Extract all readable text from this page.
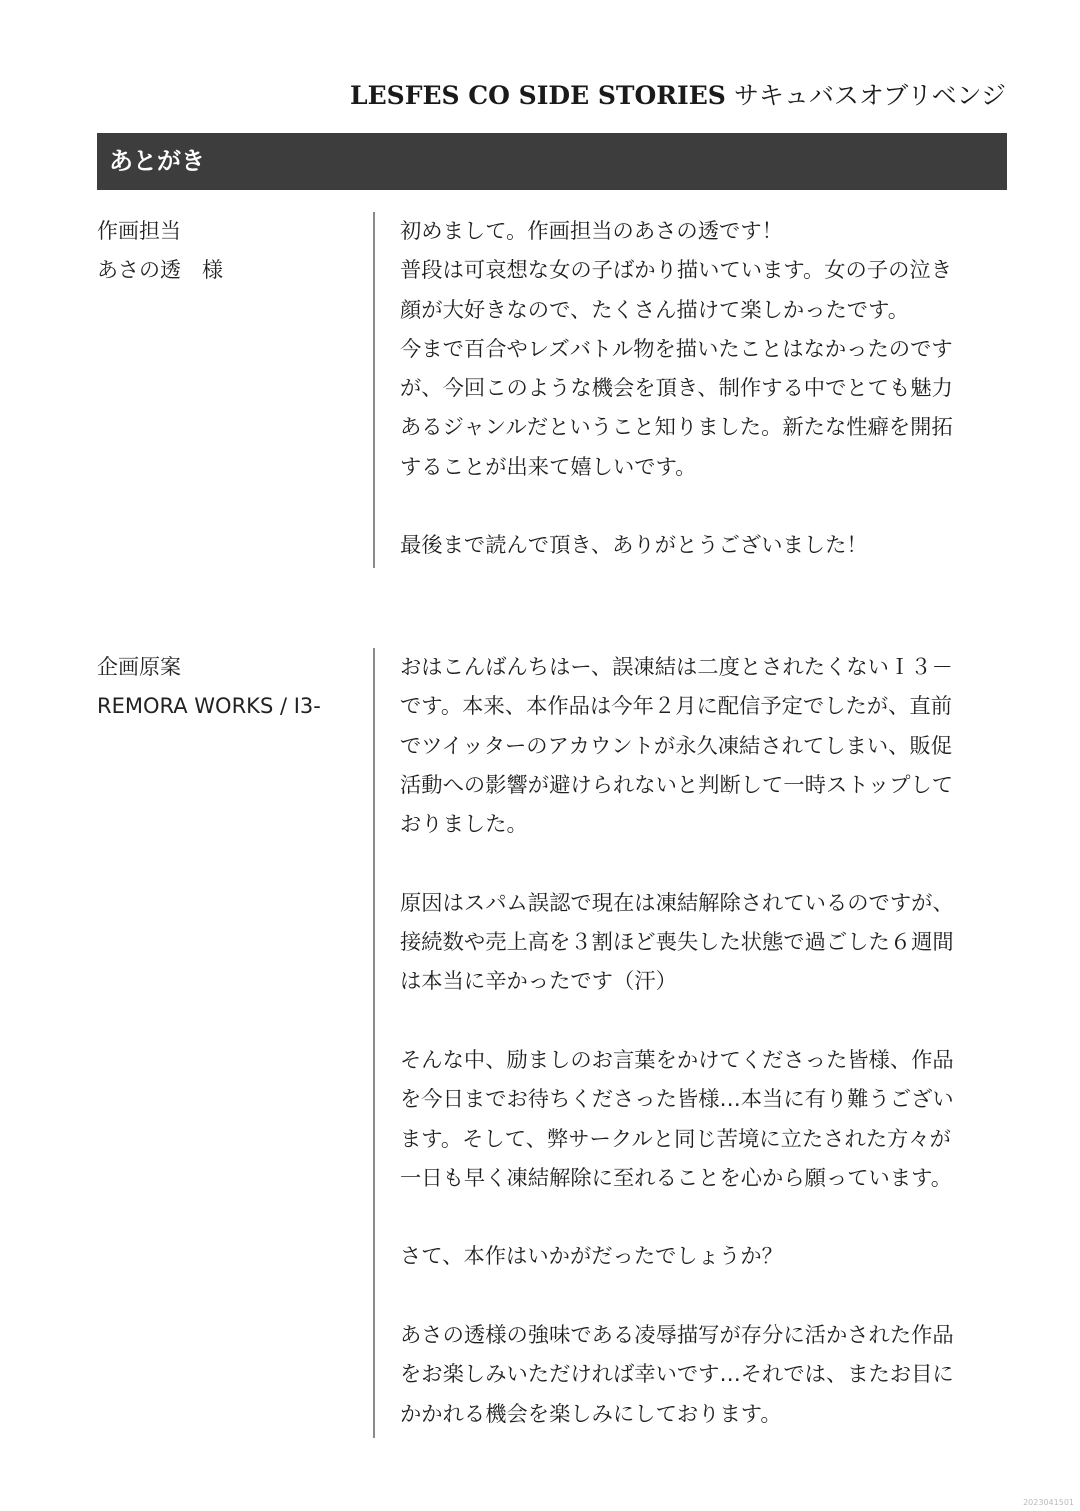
LESFES CO SIDE STORIES サキュバスオブリベンジ
あとがき
作画担当
あさの透　様

初めまして。作画担当のあさの透です！

普段は可哀想な女の子ばかり描いています。女の子の泣き

顔が大好きなので、たくさん描けて楽しかったです。

今まで百合やレズバトル物を描いたことはなかったのです

が、今回このような機会を頂き、制作する中でとても魅力

あるジャンルだということ知りました。新たな性癖を開拓

することが出来て嬉しいです。

最後まで読んで頂き、ありがとうございました！

企画原案
REMORA WORKS / I3-

おはこんばんちはー、誤凍結は二度とされたくないＩ３－

です。本来、本作品は今年２月に配信予定でしたが、直前

でツイッターのアカウントが永久凍結されてしまい、販促

活動への影響が避けられないと判断して一時ストップして

おりました。

原因はスパム誤認で現在は凍結解除されているのですが、

接続数や売上高を３割ほど喪失した状態で過ごした６週間

は本当に辛かったです（汗）

そんな中、励ましのお言葉をかけてくださった皆様、作品

を今日までお待ちくださった皆様…本当に有り難うござい

ます。そして、弊サークルと同じ苦境に立たされた方々が

一日も早く凍結解除に至れることを心から願っています。

さて、本作はいかがだったでしょうか？

あさの透様の強味である凌辱描写が存分に活かされた作品

をお楽しみいただければ幸いです…それでは、またお目に

かかれる機会を楽しみにしております。

2023041501
